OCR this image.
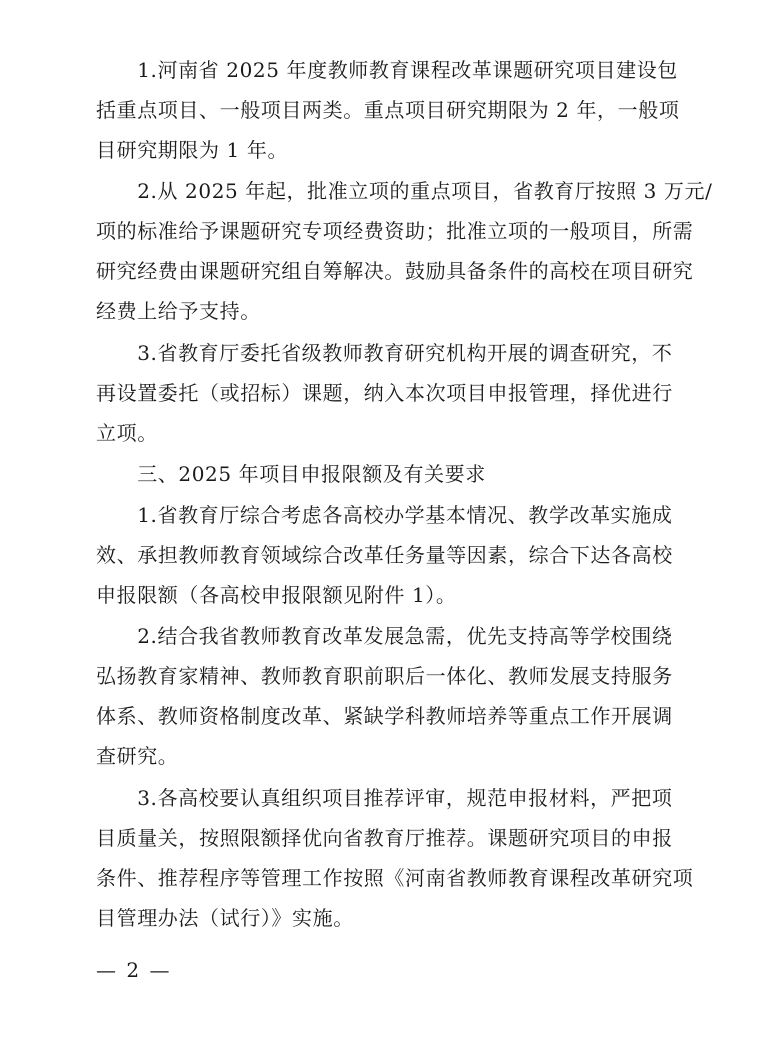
　　1.河南省 2025 年度教师教育课程改革课题研究项目建设包
括重点项目、一般项目两类。重点项目研究期限为 2 年，一般项
目研究期限为 1 年。

　　2.从 2025 年起，批准立项的重点项目，省教育厅按照 3 万元/
项的标准给予课题研究专项经费资助；批准立项的一般项目，所需
研究经费由课题研究组自筹解决。鼓励具备条件的高校在项目研究
经费上给予支持。

　　3.省教育厅委托省级教师教育研究机构开展的调查研究，不
再设置委托（或招标）课题，纳入本次项目申报管理，择优进行
立项。

　　三、2025 年项目申报限额及有关要求

　　1.省教育厅综合考虑各高校办学基本情况、教学改革实施成
效、承担教师教育领域综合改革任务量等因素，综合下达各高校
申报限额（各高校申报限额见附件 1）。

　　2.结合我省教师教育改革发展急需，优先支持高等学校围绕
弘扬教育家精神、教师教育职前职后一体化、教师发展支持服务
体系、教师资格制度改革、紧缺学科教师培养等重点工作开展调
查研究。

　　3.各高校要认真组织项目推荐评审，规范申报材料，严把项
目质量关，按照限额择优向省教育厅推荐。课题研究项目的申报
条件、推荐程序等管理工作按照《河南省教师教育课程改革研究项
目管理办法（试行）》实施。

— 2 —
